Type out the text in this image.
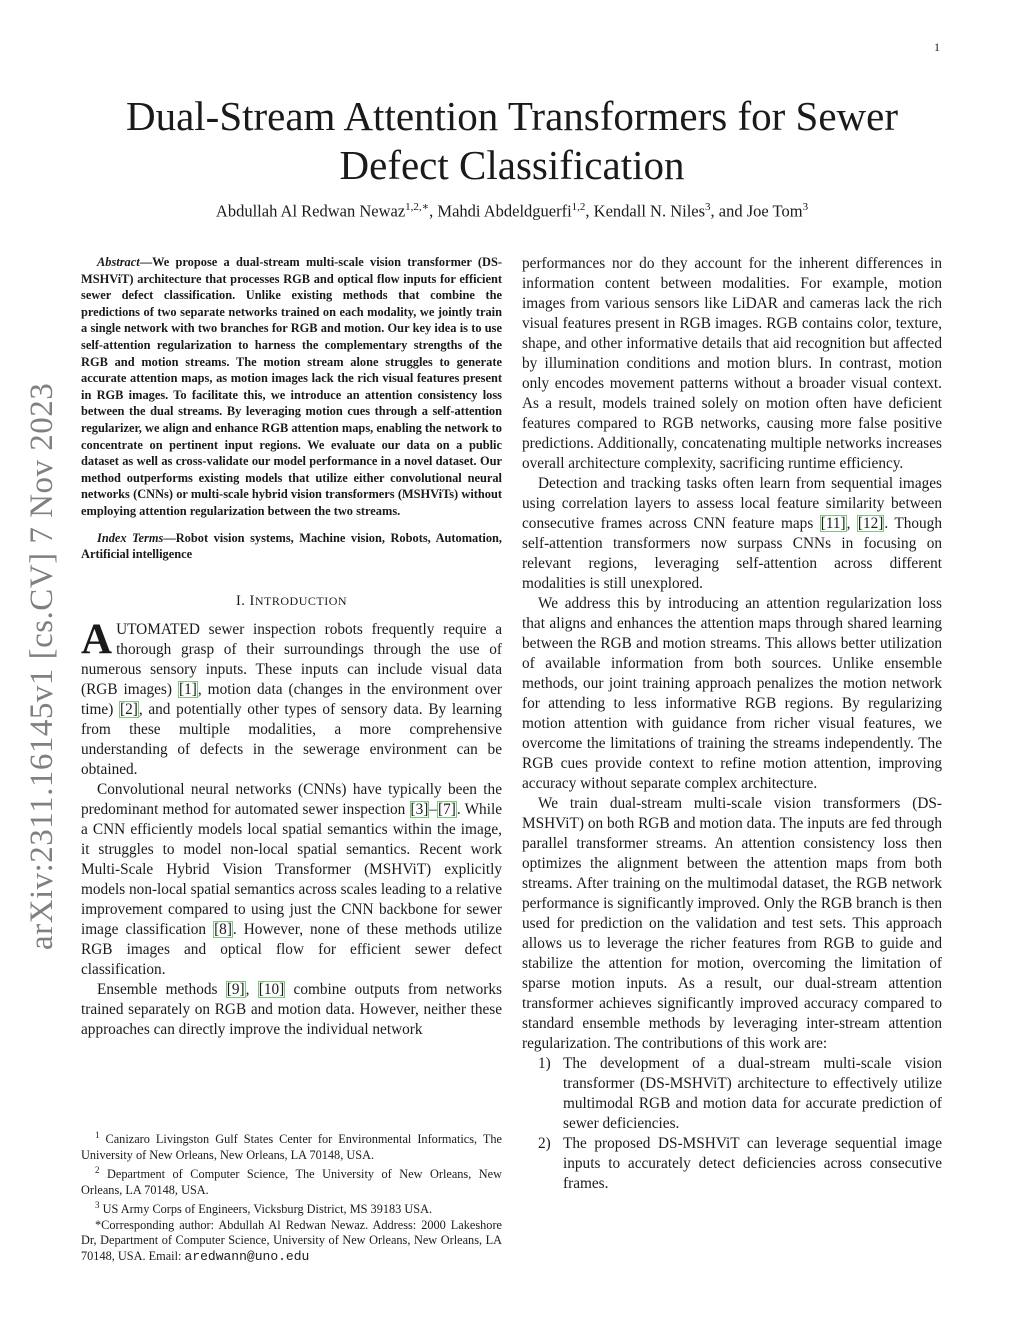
1
arXiv:2311.16145v1 [cs.CV] 7 Nov 2023
Dual-Stream Attention Transformers for Sewer Defect Classification
Abdullah Al Redwan Newaz$^{1,2,∗}$, Mahdi Abdeldguerfi$^{1,2}$, Kendall N. Niles$^3$, and Joe Tom$^3$

Abstract—We propose a dual-stream multi-scale vision transformer (DS-MSHViT) architecture that processes RGB and optical flow inputs for efficient sewer defect classification. Unlike existing methods that combine the predictions of two separate networks trained on each modality, we jointly train a single network with two branches for RGB and motion. Our key idea is to use self-attention regularization to harness the complementary strengths of the RGB and motion streams. The motion stream alone struggles to generate accurate attention maps, as motion images lack the rich visual features present in RGB images. To facilitate this, we introduce an attention consistency loss between the dual streams. By leveraging motion cues through a self-attention regularizer, we align and enhance RGB attention maps, enabling the network to concentrate on pertinent input regions. We evaluate our data on a public dataset as well as cross-validate our model performance in a novel dataset. Our method outperforms existing models that utilize either convolutional neural networks (CNNs) or multi-scale hybrid vision transformers (MSHViTs) without employing attention regularization between the two streams.

Index Terms—Robot vision systems, Machine vision, Robots, Automation, Artificial intelligence

I. INTRODUCTION

AUTOMATED sewer inspection robots frequently require a thorough grasp of their surroundings through the use of numerous sensory inputs. These inputs can include visual data (RGB images) [1], motion data (changes in the environment over time) [2], and potentially other types of sensory data. By learning from these multiple modalities, a more comprehensive understanding of defects in the sewerage environment can be obtained.

Convolutional neural networks (CNNs) have typically been the predominant method for automated sewer inspection [3]–[7]. While a CNN efficiently models local spatial semantics within the image, it struggles to model non-local spatial semantics. Recent work Multi-Scale Hybrid Vision Transformer (MSHViT) explicitly models non-local spatial semantics across scales leading to a relative improvement compared to using just the CNN backbone for sewer image classification [8]. However, none of these methods utilize RGB images and optical flow for efficient sewer defect classification.

Ensemble methods [9], [10] combine outputs from networks trained separately on RGB and motion data. However, neither these approaches can directly improve the individual network

$^1$ Canizaro Livingston Gulf States Center for Environmental Informatics, The University of New Orleans, New Orleans, LA 70148, USA.

$^2$ Department of Computer Science, The University of New Orleans, New Orleans, LA 70148, USA.

$^3$ US Army Corps of Engineers, Vicksburg District, MS 39183 USA.

*Corresponding author: Abdullah Al Redwan Newaz. Address: 2000 Lakeshore Dr, Department of Computer Science, University of New Orleans, New Orleans, LA 70148, USA. Email: aredwann@uno.edu

performances nor do they account for the inherent differences in information content between modalities. For example, motion images from various sensors like LiDAR and cameras lack the rich visual features present in RGB images. RGB contains color, texture, shape, and other informative details that aid recognition but affected by illumination conditions and motion blurs. In contrast, motion only encodes movement patterns without a broader visual context. As a result, models trained solely on motion often have deficient features compared to RGB networks, causing more false positive predictions. Additionally, concatenating multiple networks increases overall architecture complexity, sacrificing runtime efficiency.

Detection and tracking tasks often learn from sequential images using correlation layers to assess local feature similarity between consecutive frames across CNN feature maps [11], [12]. Though self-attention transformers now surpass CNNs in focusing on relevant regions, leveraging self-attention across different modalities is still unexplored.

We address this by introducing an attention regularization loss that aligns and enhances the attention maps through shared learning between the RGB and motion streams. This allows better utilization of available information from both sources. Unlike ensemble methods, our joint training approach penalizes the motion network for attending to less informative RGB regions. By regularizing motion attention with guidance from richer visual features, we overcome the limitations of training the streams independently. The RGB cues provide context to refine motion attention, improving accuracy without separate complex architecture.

We train dual-stream multi-scale vision transformers (DS-MSHViT) on both RGB and motion data. The inputs are fed through parallel transformer streams. An attention consistency loss then optimizes the alignment between the attention maps from both streams. After training on the multimodal dataset, the RGB network performance is significantly improved. Only the RGB branch is then used for prediction on the validation and test sets. This approach allows us to leverage the richer features from RGB to guide and stabilize the attention for motion, overcoming the limitation of sparse motion inputs. As a result, our dual-stream attention transformer achieves significantly improved accuracy compared to standard ensemble methods by leveraging inter-stream attention regularization. The contributions of this work are:

1) The development of a dual-stream multi-scale vision transformer (DS-MSHViT) architecture to effectively utilize multimodal RGB and motion data for accurate prediction of sewer deficiencies.
2) The proposed DS-MSHViT can leverage sequential image inputs to accurately detect deficiencies across consecutive frames.
